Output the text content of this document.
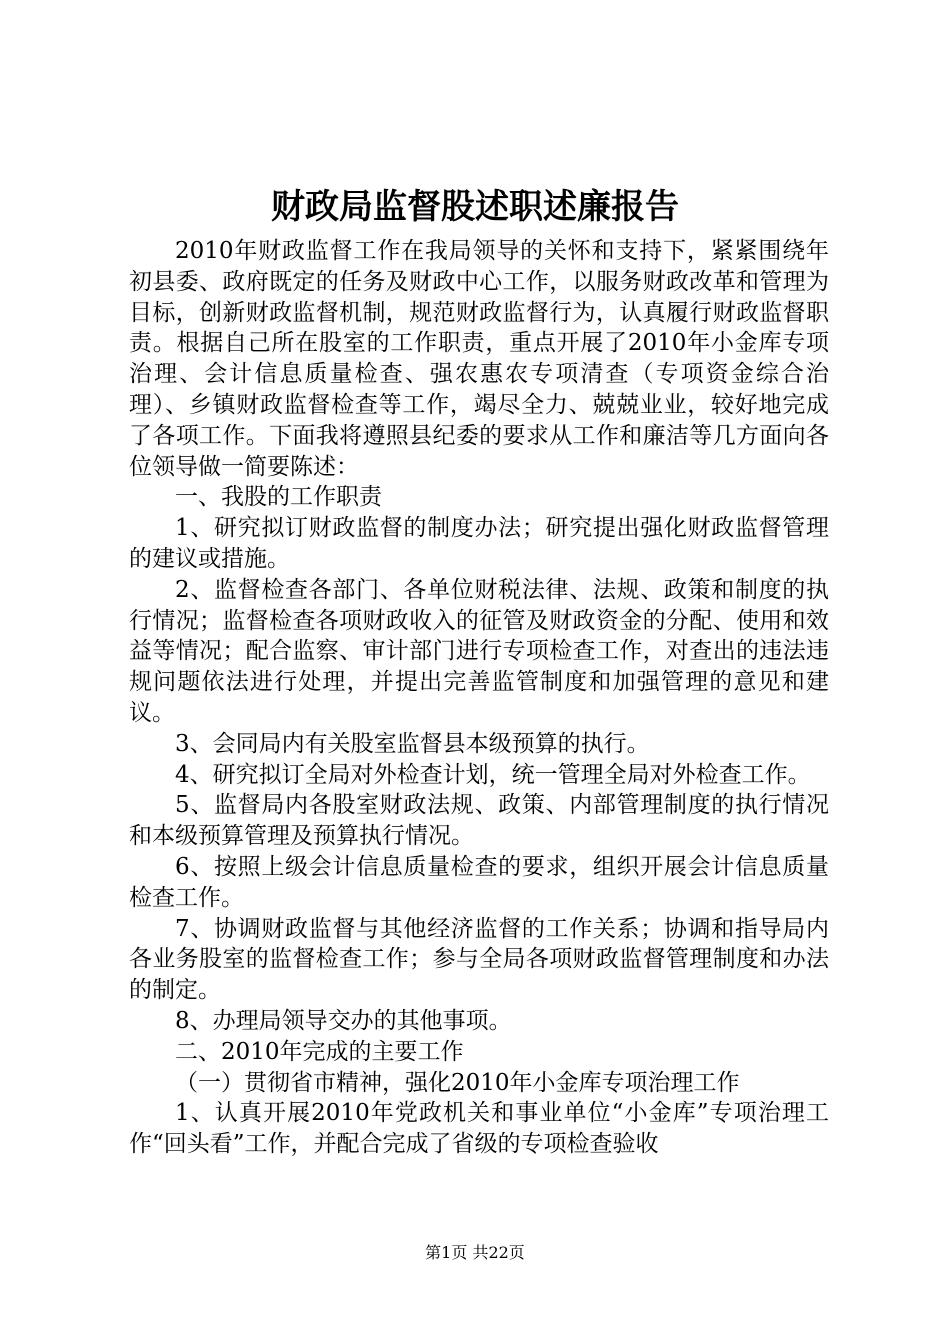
财政局监督股述职述廉报告

2010年财政监督工作在我局领导的关怀和支持下，紧紧围绕年初县委、政府既定的任务及财政中心工作，以服务财政改革和管理为目标，创新财政监督机制，规范财政监督行为，认真履行财政监督职责。根据自己所在股室的工作职责，重点开展了2010年小金库专项治理、会计信息质量检查、强农惠农专项清查（专项资金综合治理）、乡镇财政监督检查等工作，竭尽全力、兢兢业业，较好地完成了各项工作。下面我将遵照县纪委的要求从工作和廉洁等几方面向各位领导做一简要陈述：

一、我股的工作职责

1、研究拟订财政监督的制度办法；研究提出强化财政监督管理的建议或措施。

2、监督检查各部门、各单位财税法律、法规、政策和制度的执行情况；监督检查各项财政收入的征管及财政资金的分配、使用和效益等情况；配合监察、审计部门进行专项检查工作，对查出的违法违规问题依法进行处理，并提出完善监管制度和加强管理的意见和建议。

3、会同局内有关股室监督县本级预算的执行。

4、研究拟订全局对外检查计划，统一管理全局对外检查工作。

5、监督局内各股室财政法规、政策、内部管理制度的执行情况和本级预算管理及预算执行情况。

6、按照上级会计信息质量检查的要求，组织开展会计信息质量检查工作。

7、协调财政监督与其他经济监督的工作关系；协调和指导局内各业务股室的监督检查工作；参与全局各项财政监督管理制度和办法的制定。

8、办理局领导交办的其他事项。

二、2010年完成的主要工作

（一）贯彻省市精神，强化2010年小金库专项治理工作

1、认真开展2010年党政机关和事业单位“小金库”专项治理工作“回头看”工作，并配合完成了省级的专项检查验收

第1页 共22页
